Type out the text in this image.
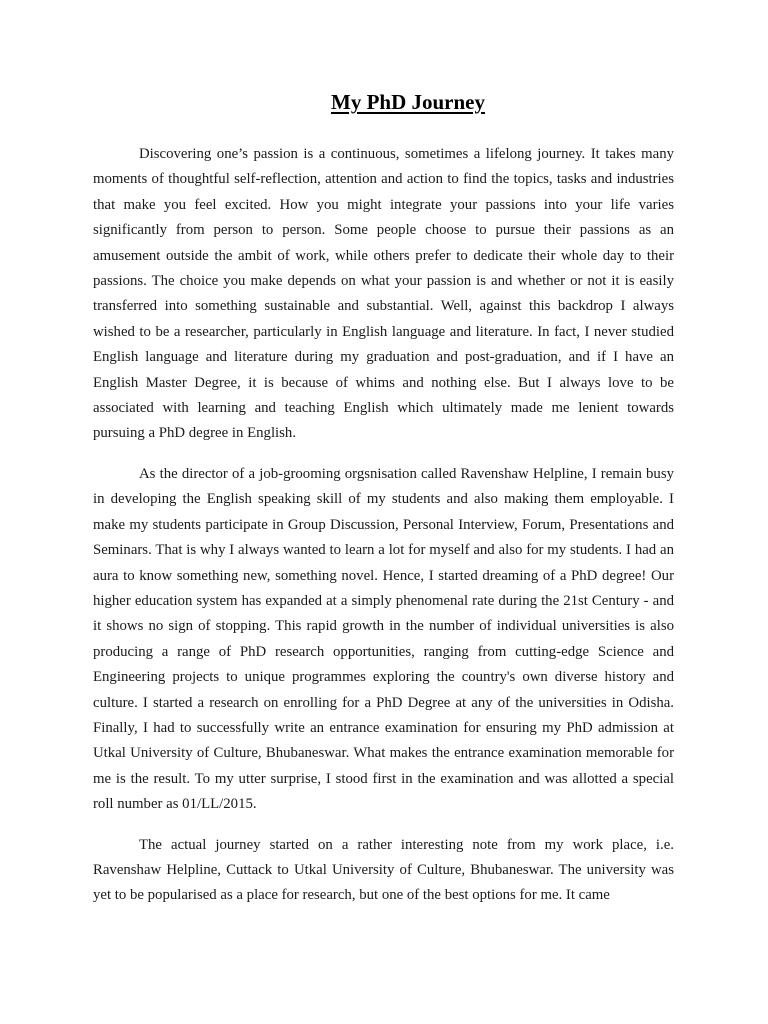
My PhD Journey

Discovering one’s passion is a continuous, sometimes a lifelong journey. It takes many moments of thoughtful self-reflection, attention and action to find the topics, tasks and industries that make you feel excited. How you might integrate your passions into your life varies significantly from person to person. Some people choose to pursue their passions as an amusement outside the ambit of work, while others prefer to dedicate their whole day to their passions. The choice you make depends on what your passion is and whether or not it is easily transferred into something sustainable and substantial. Well, against this backdrop I always wished to be a researcher, particularly in English language and literature. In fact, I never studied English language and literature during my graduation and post-graduation, and if I have an English Master Degree, it is because of whims and nothing else. But I always love to be associated with learning and teaching English which ultimately made me lenient towards pursuing a PhD degree in English.

As the director of a job-grooming orgsnisation called Ravenshaw Helpline, I remain busy in developing the English speaking skill of my students and also making them employable. I make my students participate in Group Discussion, Personal Interview, Forum, Presentations and Seminars. That is why I always wanted to learn a lot for myself and also for my students. I had an aura to know something new, something novel. Hence, I started dreaming of a PhD degree! Our higher education system has expanded at a simply phenomenal rate during the 21st Century - and it shows no sign of stopping. This rapid growth in the number of individual universities is also producing a range of PhD research opportunities, ranging from cutting-edge Science and Engineering projects to unique programmes exploring the country's own diverse history and culture. I started a research on enrolling for a PhD Degree at any of the universities in Odisha. Finally, I had to successfully write an entrance examination for ensuring my PhD admission at Utkal University of Culture, Bhubaneswar. What makes the entrance examination memorable for me is the result. To my utter surprise, I stood first in the examination and was allotted a special roll number as 01/LL/2015.

The actual journey started on a rather interesting note from my work place, i.e. Ravenshaw Helpline, Cuttack to Utkal University of Culture, Bhubaneswar. The university was yet to be popularised as a place for research, but one of the best options for me. It came
